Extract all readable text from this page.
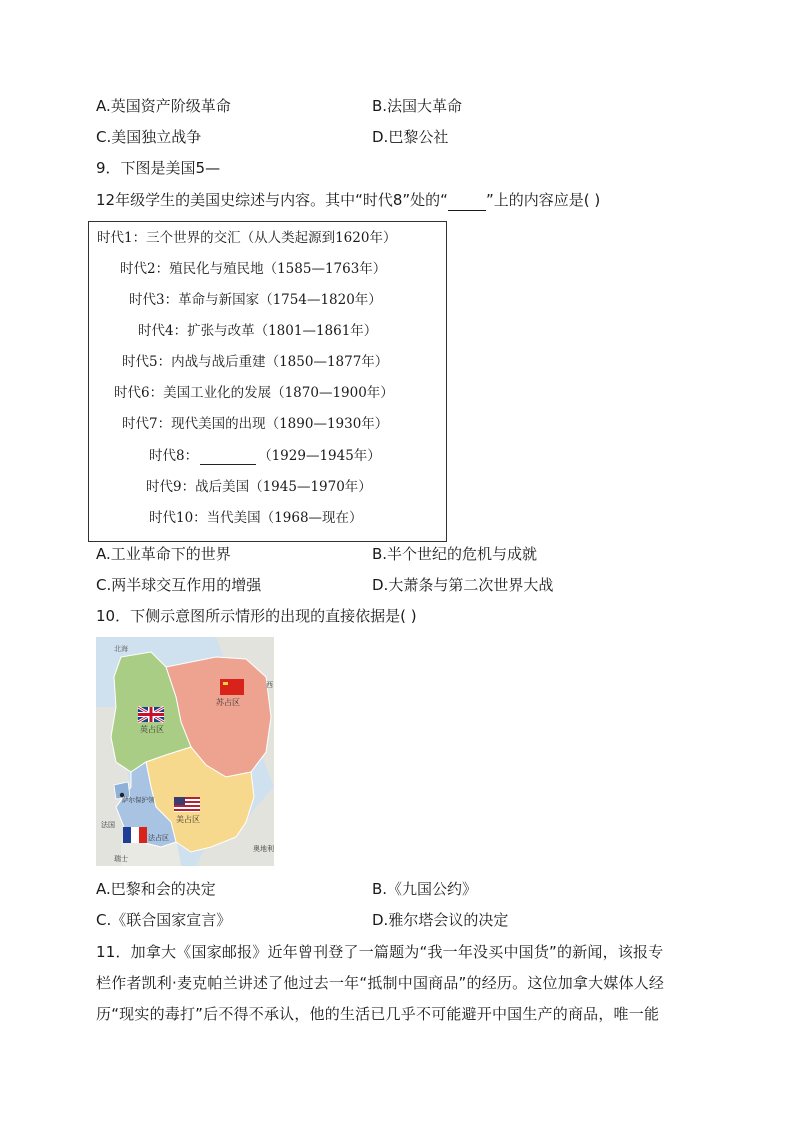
A.英国资产阶级革命	B.法国大革命
C.美国独立战争	D.巴黎公社
9．下图是美国5—
12年级学生的美国史综述与内容。其中“时代8”处的“	”上的内容应是( )
时代1：三个世界的交汇（从人类起源到1620年）
时代2：殖民化与殖民地（1585—1763年）
时代3：革命与新国家（1754—1820年）
时代4：扩张与改革（1801—1861年）
时代5：内战与战后重建（1850—1877年）
时代6：美国工业化的发展（1870—1900年）
时代7：现代美国的出现（1890—1930年）
时代8：	（1929—1945年）
时代9：战后美国（1945—1970年）
时代10：当代美国（1968—现在）
A.工业革命下的世界	B.半个世纪的危机与成就
C.两半球交互作用的增强	D.大萧条与第二次世界大战
10．下侧示意图所示情形的出现的直接依据是( )
北海
苏占区
英占区
萨尔保护领
美占区
法国
法占区
瑞士
奥地利
西
A.巴黎和会的决定	B.《九国公约》
C.《联合国家宣言》	D.雅尔塔会议的决定
11．加拿大《国家邮报》近年曾刊登了一篇题为“我一年没买中国货”的新闻，该报专
栏作者凯利·麦克帕兰讲述了他过去一年“抵制中国商品”的经历。这位加拿大媒体人经
历“现实的毒打”后不得不承认，他的生活已几乎不可能避开中国生产的商品，唯一能
